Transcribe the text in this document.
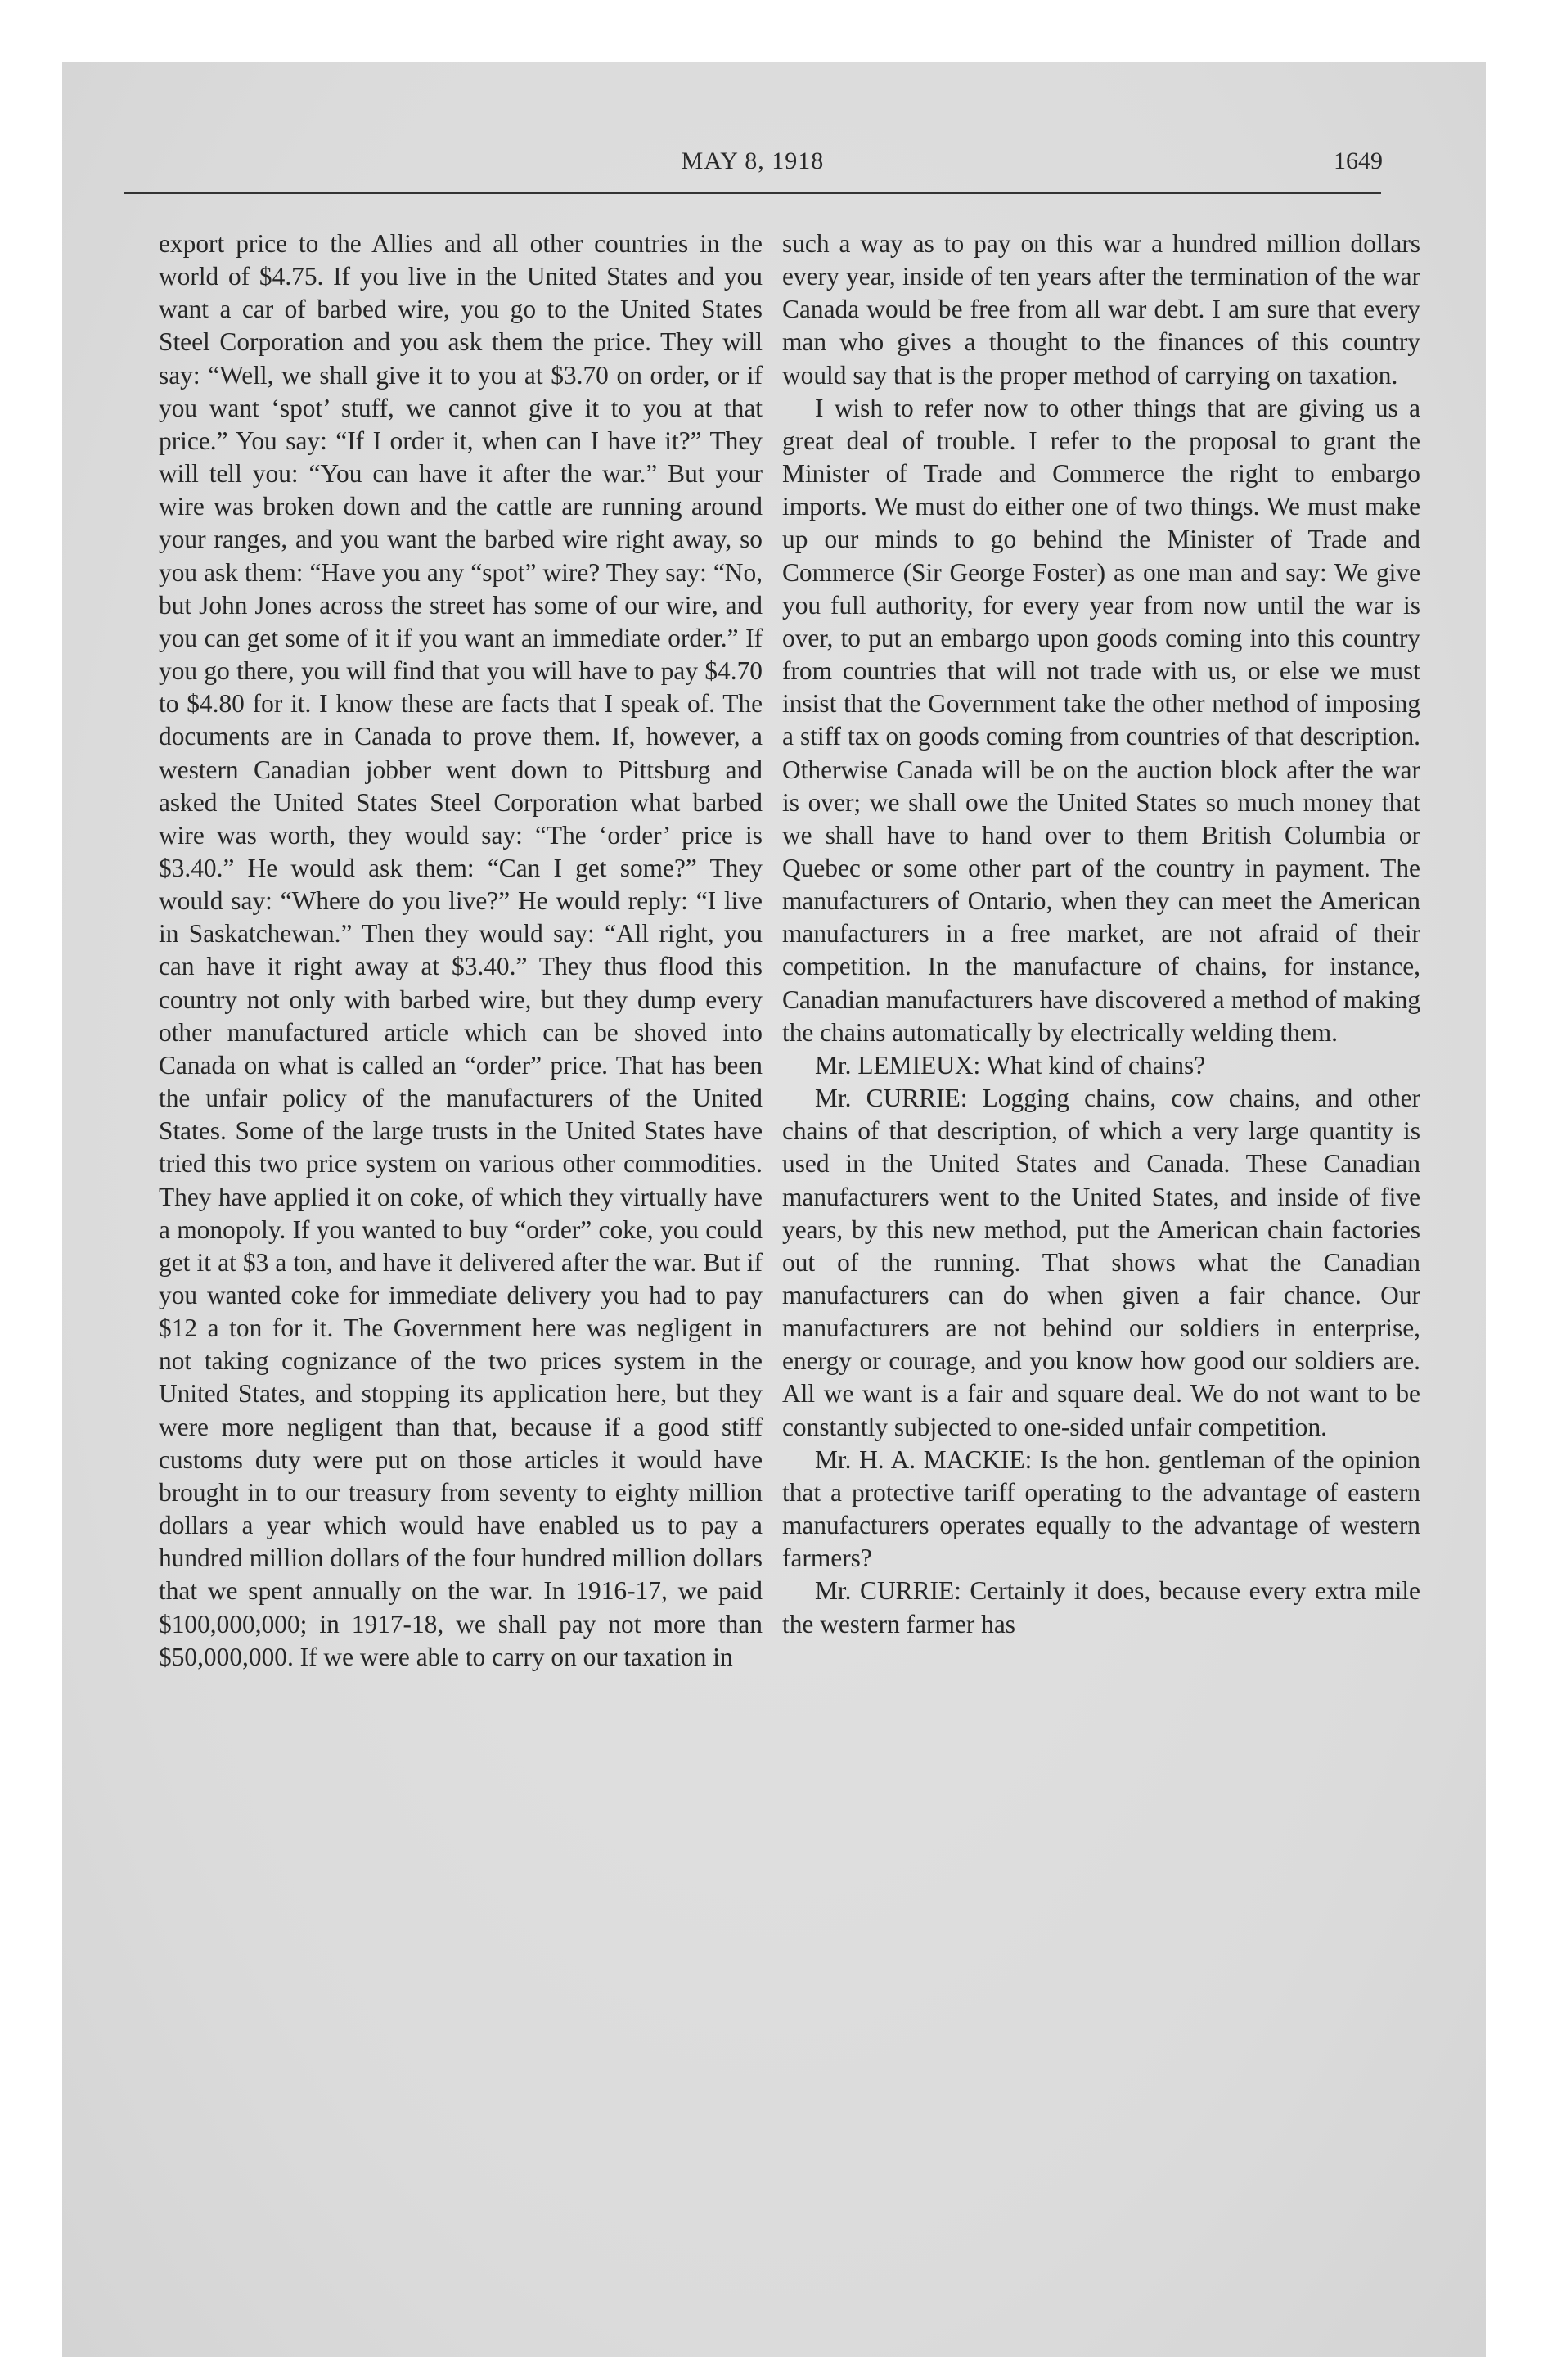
MAY 8, 1918	1649

export price to the Allies and all other countries in the world of $4.75. If you live in the United States and you want a car of barbed wire, you go to the United States Steel Corporation and you ask them the price. They will say: “Well, we shall give it to you at $3.70 on order, or if you want ‘spot’ stuff, we cannot give it to you at that price.” You say: “If I order it, when can I have it?” They will tell you: “You can have it after the war.” But your wire was broken down and the cattle are running around your ranges, and you want the barbed wire right away, so you ask them: “Have you any “spot” wire? They say: “No, but John Jones across the street has some of our wire, and you can get some of it if you want an immediate order.” If you go there, you will find that you will have to pay $4.70 to $4.80 for it. I know these are facts that I speak of. The documents are in Canada to prove them. If, however, a western Canadian jobber went down to Pittsburg and asked the United States Steel Corporation what barbed wire was worth, they would say: “The ‘order’ price is $3.40.” He would ask them: “Can I get some?” They would say: “Where do you live?” He would reply: “I live in Saskatchewan.” Then they would say: “All right, you can have it right away at $3.40.” They thus flood this country not only with barbed wire, but they dump every other manufactured article which can be shoved into Canada on what is called an “order” price. That has been the unfair policy of the manufacturers of the United States. Some of the large trusts in the United States have tried this two price system on various other commodities. They have applied it on coke, of which they virtually have a monopoly. If you wanted to buy “order” coke, you could get it at $3 a ton, and have it delivered after the war. But if you wanted coke for immediate delivery you had to pay $12 a ton for it. The Government here was negligent in not taking cognizance of the two prices system in the United States, and stopping its application here, but they were more negligent than that, because if a good stiff customs duty were put on those articles it would have brought in to our treasury from seventy to eighty million dollars a year which would have enabled us to pay a hundred million dollars of the four hundred million dollars that we spent annually on the war. In 1916-17, we paid $100,000,000; in 1917-18, we shall pay not more than $50,000,000. If we were able to carry on our taxation in

such a way as to pay on this war a hundred million dollars every year, inside of ten years after the termination of the war Canada would be free from all war debt. I am sure that every man who gives a thought to the finances of this country would say that is the proper method of carrying on taxation.

I wish to refer now to other things that are giving us a great deal of trouble. I refer to the proposal to grant the Minister of Trade and Commerce the right to embargo imports. We must do either one of two things. We must make up our minds to go behind the Minister of Trade and Commerce (Sir George Foster) as one man and say: We give you full authority, for every year from now until the war is over, to put an embargo upon goods coming into this country from countries that will not trade with us, or else we must insist that the Government take the other method of imposing a stiff tax on goods coming from countries of that description. Otherwise Canada will be on the auction block after the war is over; we shall owe the United States so much money that we shall have to hand over to them British Columbia or Quebec or some other part of the country in payment. The manufacturers of Ontario, when they can meet the American manufacturers in a free market, are not afraid of their competition. In the manufacture of chains, for instance, Canadian manufacturers have discovered a method of making the chains automatically by electrically welding them.

Mr. LEMIEUX: What kind of chains?

Mr. CURRIE: Logging chains, cow chains, and other chains of that description, of which a very large quantity is used in the United States and Canada. These Canadian manufacturers went to the United States, and inside of five years, by this new method, put the American chain factories out of the running. That shows what the Canadian manufacturers can do when given a fair chance. Our manufacturers are not behind our soldiers in enterprise, energy or courage, and you know how good our soldiers are. All we want is a fair and square deal. We do not want to be constantly subjected to one-sided unfair competition.

Mr. H. A. MACKIE: Is the hon. gentleman of the opinion that a protective tariff operating to the advantage of eastern manufacturers operates equally to the advantage of western farmers?

Mr. CURRIE: Certainly it does, because every extra mile the western farmer has
